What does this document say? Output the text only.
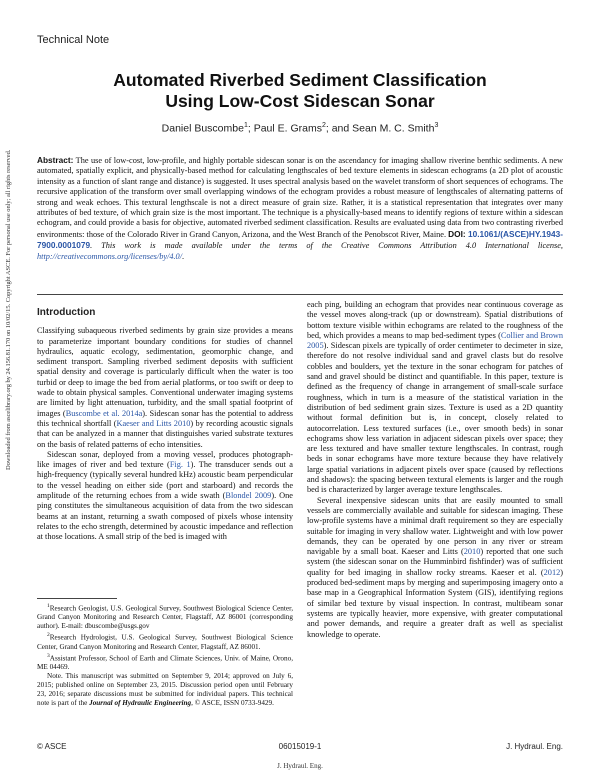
Downloaded from ascelibrary.org by 24.156.81.170 on 10/02/15. Copyright ASCE. For personal use only; all rights reserved.
Technical Note
Automated Riverbed Sediment Classification
Using Low-Cost Sidescan Sonar
Daniel Buscombe$^1$; Paul E. Grams$^2$; and Sean M. C. Smith$^3$
Abstract: The use of low-cost, low-profile, and highly portable sidescan sonar is on the ascendancy for imaging shallow riverine benthic sediments. A new automated, spatially explicit, and physically-based method for calculating lengthscales of bed texture elements in sidescan echograms (a 2D plot of acoustic intensity as a function of slant range and distance) is suggested. It uses spectral analysis based on the wavelet transform of short sequences of echograms. The recursive application of the transform over small overlapping windows of the echogram provides a robust measure of lengthscales of alternating patterns of strong and weak echoes. This textural lengthscale is not a direct measure of grain size. Rather, it is a statistical representation that integrates over many attributes of bed texture, of which grain size is the most important. The technique is a physically-based means to identify regions of texture within a sidescan echogram, and could provide a basis for objective, automated riverbed sediment classification. Results are evaluated using data from two contrasting riverbed environments: those of the Colorado River in Grand Canyon, Arizona, and the West Branch of the Penobscot River, Maine. DOI: 10.1061/(ASCE)HY.1943-7900.0001079. This work is made available under the terms of the Creative Commons Attribution 4.0 International license, http://creativecommons.org/licenses/by/4.0/.
Introduction

Classifying subaqueous riverbed sediments by grain size provides a means to parameterize important boundary conditions for studies of channel hydraulics, aquatic ecology, sedimentation, geomorphic change, and sediment transport. Sampling riverbed sediment deposits with sufficient spatial density and coverage is particularly difficult when the water is too turbid or deep to image the bed from aerial platforms, or too swift or deep to wade to obtain physical samples. Conventional underwater imaging systems are limited by light attenuation, turbidity, and the small spatial footprint of images (Buscombe et al. 2014a). Sidescan sonar has the potential to address this technical shortfall (Kaeser and Litts 2010) by recording acoustic signals that can be analyzed in a manner that distinguishes varied substrate textures on the basis of related patterns of echo intensities.

Sidescan sonar, deployed from a moving vessel, produces photograph-like images of river and bed texture (Fig. 1). The transducer sends out a high-frequency (typically several hundred kHz) acoustic beam perpendicular to the vessel heading on either side (port and starboard) and records the amplitude of the returning echoes from a wide swath (Blondel 2009). One ping constitutes the simultaneous acquisition of data from the two sidescan beams at an instant, returning a swath composed of pixels whose intensity relates to the echo strength, determined by acoustic impedance and reflection at those locations. A small strip of the bed is imaged with

each ping, building an echogram that provides near continuous coverage as the vessel moves along-track (up or downstream). Spatial distributions of bottom texture visible within echograms are related to the roughness of the bed, which provides a means to map bed-sediment types (Collier and Brown 2005). Sidescan pixels are typically of order centimeter to decimeter in size, therefore do not resolve individual sand and gravel clasts but do resolve cobbles and boulders, yet the texture in the sonar echogram for patches of sand and gravel should be distinct and quantifiable. In this paper, texture is defined as the frequency of change in arrangement of small-scale surface roughness, which in turn is a measure of the statistical variation in the distribution of bed sediment grain sizes. Texture is used as a 2D quantity without formal definition but is, in concept, closely related to autocorrelation. Less textured surfaces (i.e., over smooth beds) in sonar echograms show less variation in adjacent sidescan pixels over space; they are less textured and have smaller texture lengthscales. In contrast, rough beds in sonar echograms have more texture because they have relatively large spatial variations in adjacent pixels over space (caused by reflections and shadows): the spacing between textural elements is larger and the rough bed is characterized by larger average texture lengthscales.

Several inexpensive sidescan units that are easily mounted to small vessels are commercially available and suitable for sidescan imaging. These low-profile systems have a minimal draft requirement so they are especially suitable for imaging in very shallow water. Lightweight and with low power demands, they can be operated by one person in any river or stream navigable by a small boat. Kaeser and Litts (2010) reported that one such system (the sidescan sonar on the Humminbird fishfinder) was of sufficient quality for bed imaging in shallow rocky streams. Kaeser et al. (2012) produced bed-sediment maps by merging and superimposing imagery onto a base map in a Geographical Information System (GIS), identifying regions of similar bed texture by visual inspection. In contrast, multibeam sonar systems are typically heavier, more expensive, with greater computational and power demands, and require a greater draft as well as specialist knowledge to operate.

$^1$Research Geologist, U.S. Geological Survey, Southwest Biological Science Center, Grand Canyon Monitoring and Research Center, Flagstaff, AZ 86001 (corresponding author). E-mail: dbuscombe@usgs.gov

$^2$Research Hydrologist, U.S. Geological Survey, Southwest Biological Science Center, Grand Canyon Monitoring and Research Center, Flagstaff, AZ 86001.

$^3$Assistant Professor, School of Earth and Climate Sciences, Univ. of Maine, Orono, ME 04469.

Note. This manuscript was submitted on September 9, 2014; approved on July 6, 2015; published online on September 23, 2015. Discussion period open until February 23, 2016; separate discussions must be submitted for individual papers. This technical note is part of the Journal of Hydraulic Engineering, © ASCE, ISSN 0733-9429.

© ASCE	06015019-1	J. Hydraul. Eng.
J. Hydraul. Eng.
